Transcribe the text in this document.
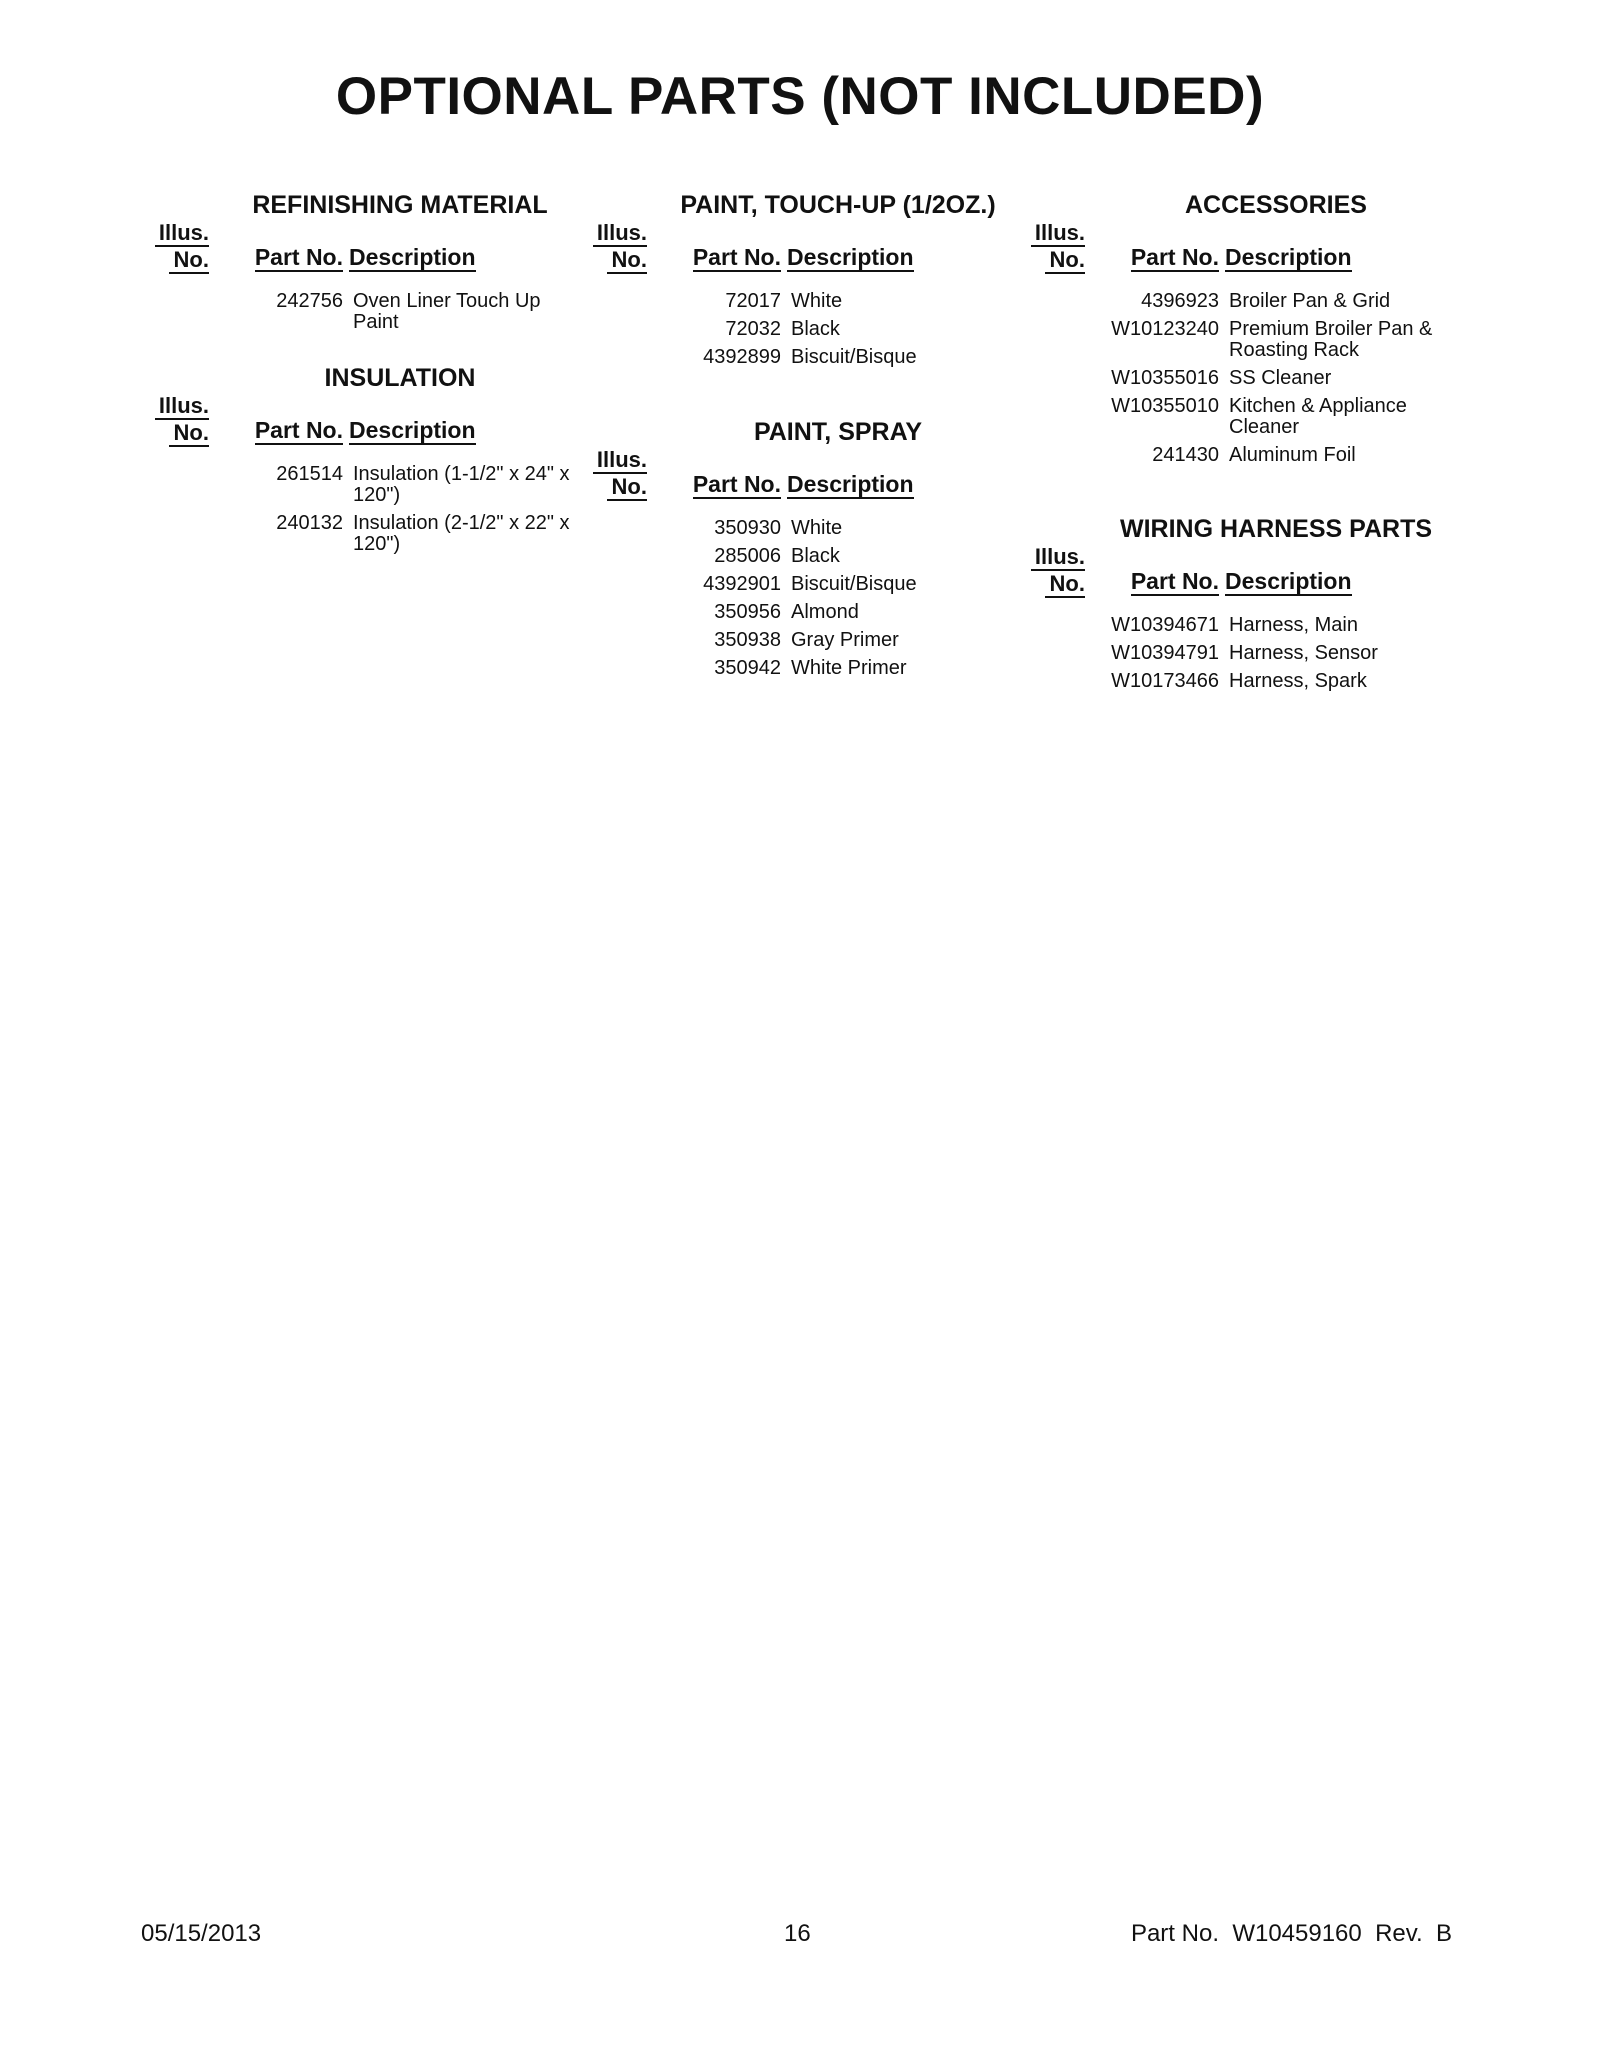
OPTIONAL PARTS (NOT INCLUDED)
REFINISHING MATERIAL
Illus.
No. Part No. Description
242756 Oven Liner Touch Up Paint
INSULATION
Illus.
No. Part No. Description
261514 Insulation (1-1/2" x 24" x 120")
240132 Insulation (2-1/2" x 22" x 120")
PAINT, TOUCH-UP (1/2OZ.)
Illus.
No. Part No. Description
72017 White
72032 Black
4392899 Biscuit/Bisque
PAINT, SPRAY
Illus.
No. Part No. Description
350930 White
285006 Black
4392901 Biscuit/Bisque
350956 Almond
350938 Gray Primer
350942 White Primer
ACCESSORIES
Illus.
No. Part No. Description
4396923 Broiler Pan & Grid
W10123240 Premium Broiler Pan & Roasting Rack
W10355016 SS Cleaner
W10355010 Kitchen & Appliance Cleaner
241430 Aluminum Foil
WIRING HARNESS PARTS
Illus.
No. Part No. Description
W10394671 Harness, Main
W10394791 Harness, Sensor
W10173466 Harness, Spark
05/15/2013	16	Part No.  W10459160  Rev.  B
